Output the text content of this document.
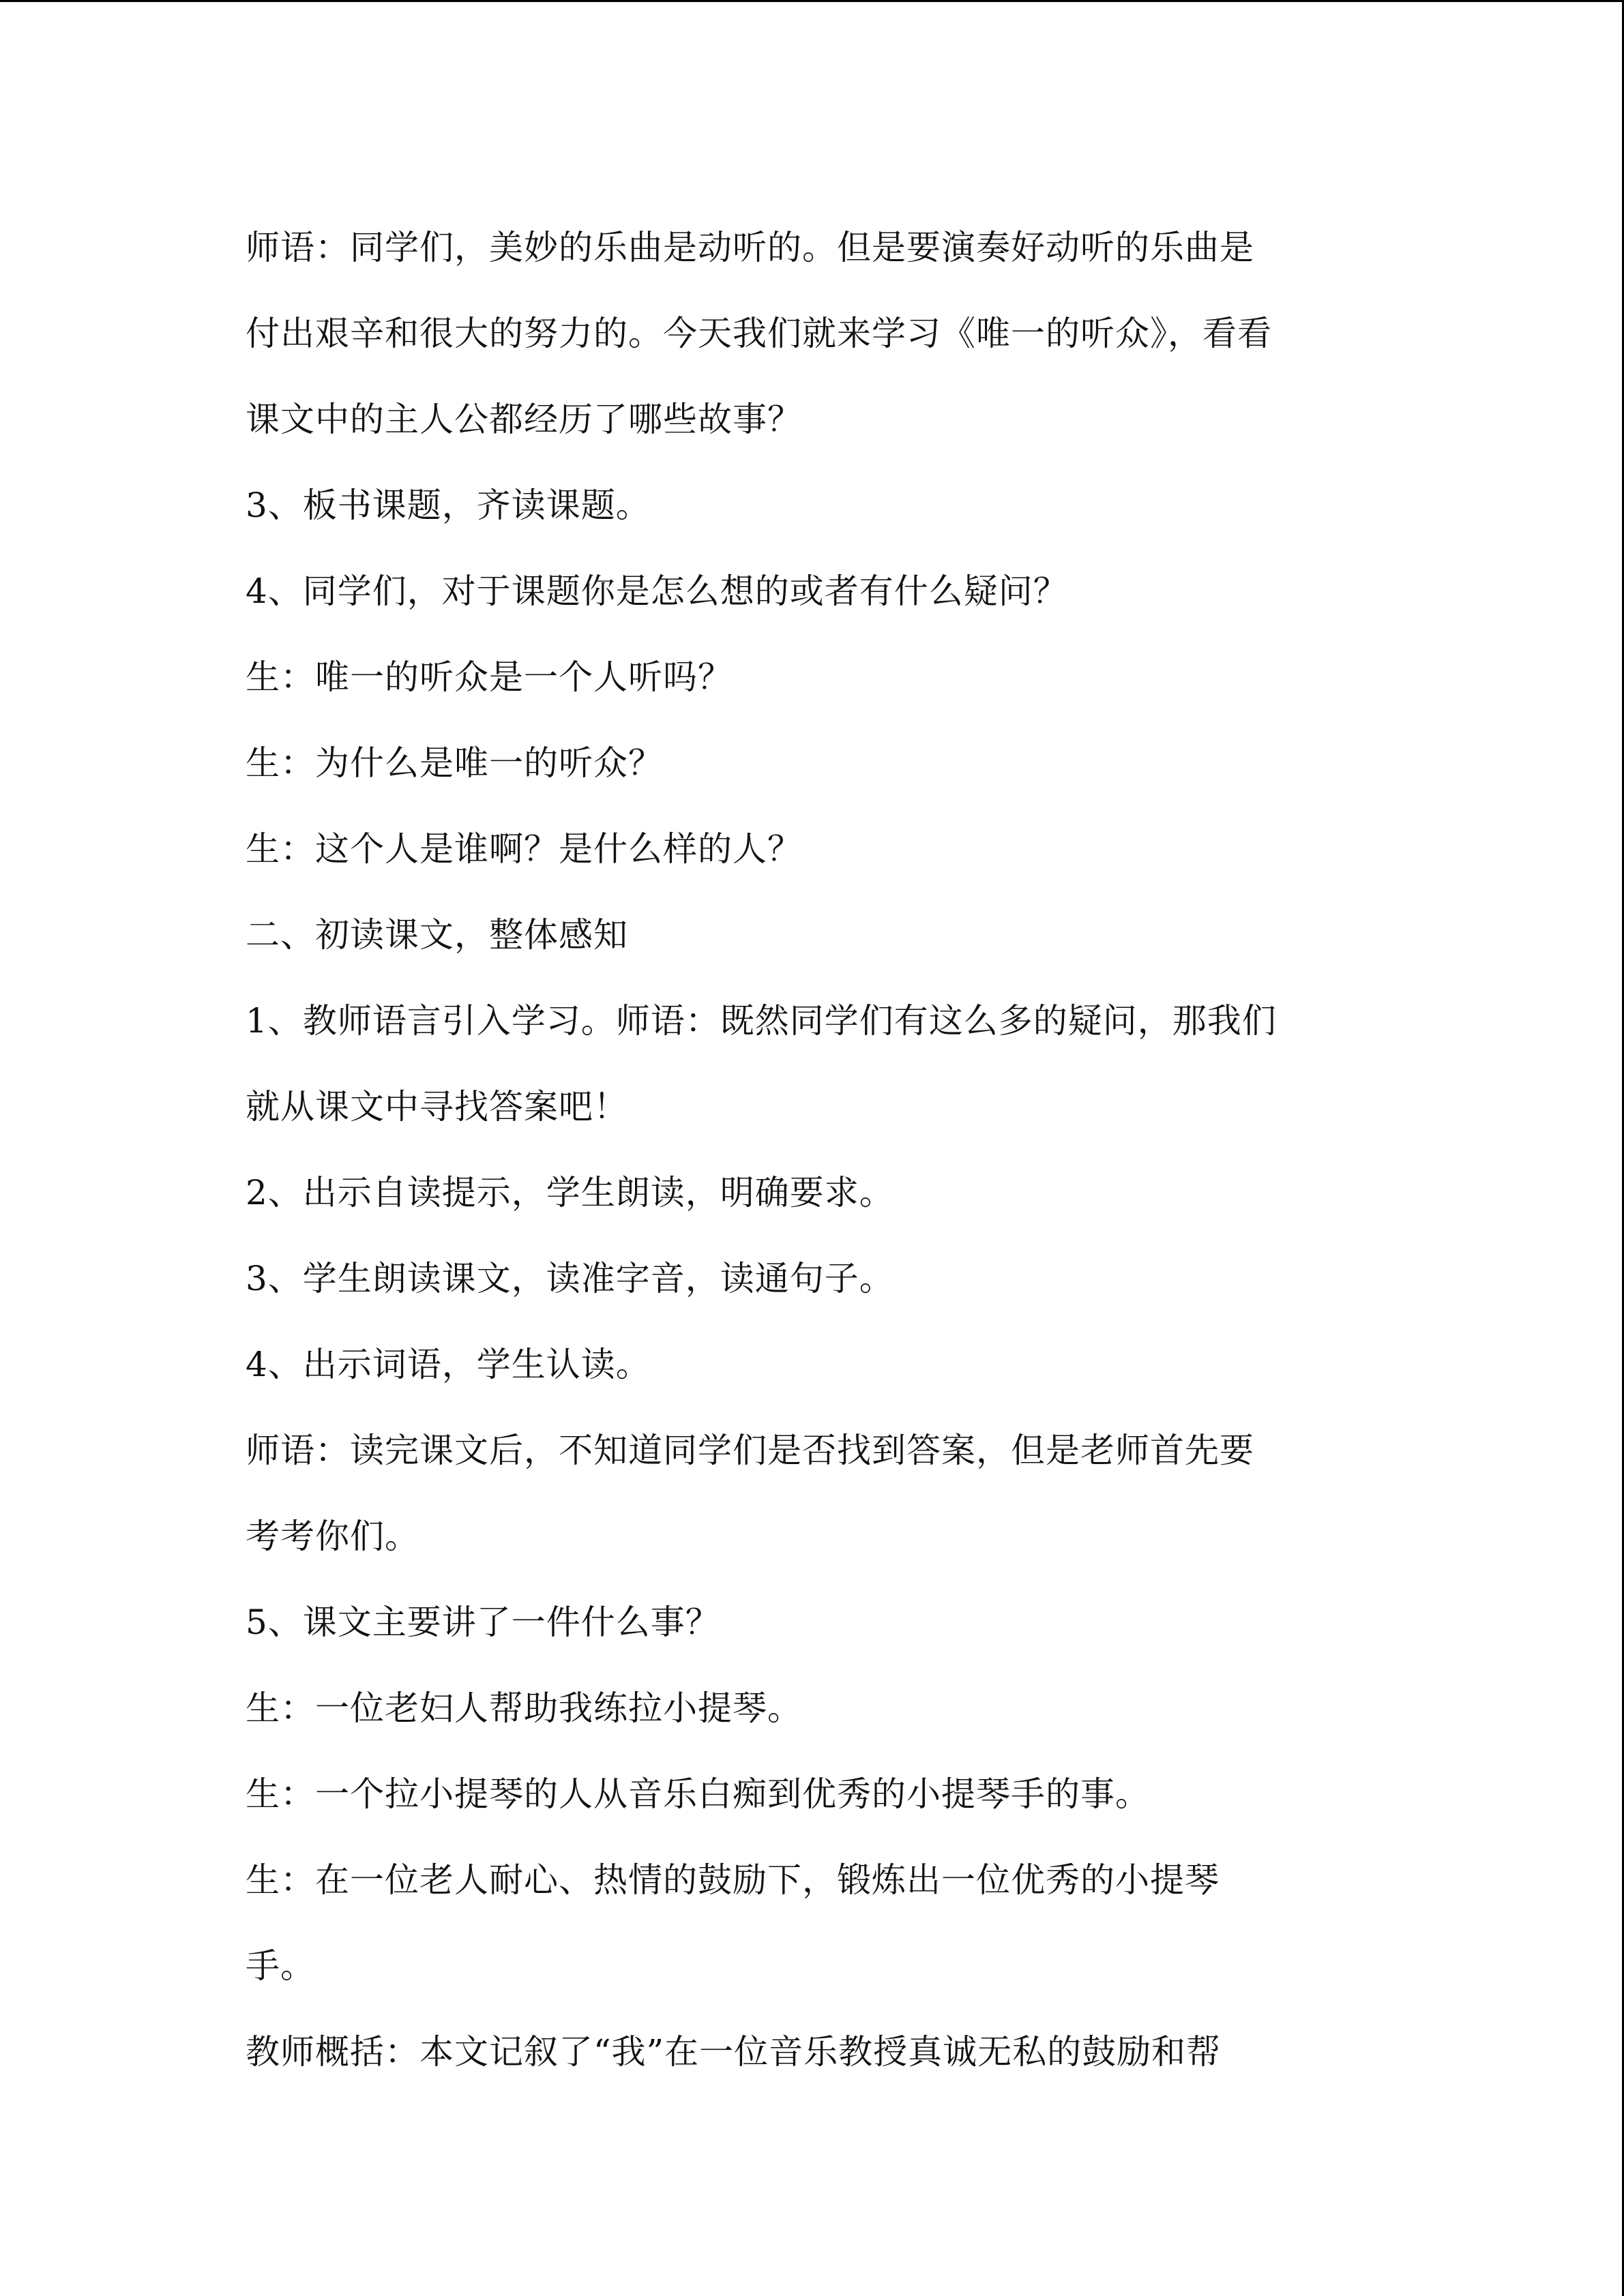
师语：同学们，美妙的乐曲是动听的。但是要演奏好动听的乐曲是
付出艰辛和很大的努力的。今天我们就来学习《唯一的听众》，看看
课文中的主人公都经历了哪些故事？
3、板书课题，齐读课题。
4、同学们，对于课题你是怎么想的或者有什么疑问？
生：唯一的听众是一个人听吗？
生：为什么是唯一的听众？
生：这个人是谁啊？是什么样的人？
二、初读课文，整体感知
1、教师语言引入学习。师语：既然同学们有这么多的疑问，那我们
就从课文中寻找答案吧！
2、出示自读提示，学生朗读，明确要求。
3、学生朗读课文，读准字音，读通句子。
4、出示词语，学生认读。
师语：读完课文后，不知道同学们是否找到答案，但是老师首先要
考考你们。
5、课文主要讲了一件什么事？
生：一位老妇人帮助我练拉小提琴。
生：一个拉小提琴的人从音乐白痴到优秀的小提琴手的事。
生：在一位老人耐心、热情的鼓励下，锻炼出一位优秀的小提琴
手。
教师概括：本文记叙了“我”在一位音乐教授真诚无私的鼓励和帮
